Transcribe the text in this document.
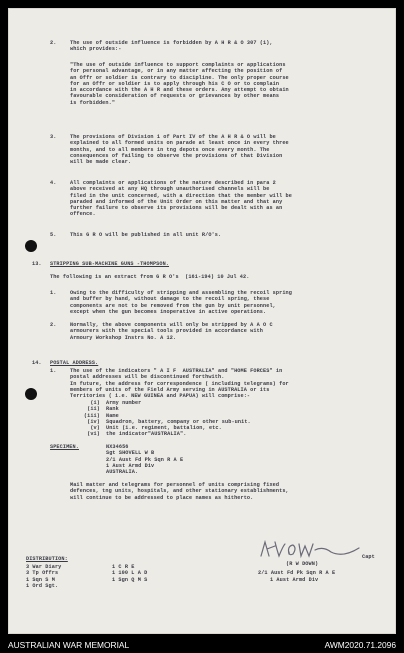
2.	The use of outside influence is forbidden by A H R & O 307 (1),
which provides:-
"The use of outside influence to support complaints or applications
for personal advantage, or in any matter affecting the position of
an Offr or soldier is contrary to discipline. The only proper course
for an Offr or soldier is to apply through his C O or to complain
in accordance with the A H R and these orders. Any attempt to obtain
favourable consideration of requests or grievances by other means
is forbidden."
3.	The provisions of Division 1 of Part IV of the A H R & O will be
explained to all formed units on parade at least once in every three
months, and to all members in tng depots once every month. The
consequences of failing to observe the provisions of that Division
will be made clear.
4.	All complaints or applications of the nature described in para 2
above received at any HQ through unauthorised channels will be
filed in the unit concerned, with a direction that the member will be
paraded and informed of the Unit Order on this matter and that any
further failure to observe its provisions will be dealt with as an
offence.
5.	This G R O will be published in all unit R/O's.
13. STRIPPING SUB-MACHINE GUNS -THOMPSON.
The following is an extract from G R O's  (161-194) 10 Jul 42.
1.	Owing to the difficulty of stripping and assembling the recoil spring
and buffer by hand, without damage to the recoil spring, these
components are not to be removed from the gun by unit personnel,
except when the gun becomes inoperative in active operations.
2.	Normally, the above components will only be stripped by A A O C
armourers with the special tools provided in accordance with
Armoury Workshop Instrs No. A 12.
14. POSTAL ADDRESS.
1.	The use of the indicators " A I F  AUSTRALIA" and "HOME FORCES" in
postal addresses will be discontinued forthwith.
In future, the address for correspondence ( including telegrams) for
members of units of the Field Army serving in AUSTRALIA or its
Territories ( i.e. NEW GUINEA and PAPUA) will comprise:-
(i)
(ii)
(iii)
(iv)
(v)
(vi)
Army number
Rank
Name
Squadron, battery, company or other sub-unit.
Unit (i.e. regiment, battalion, etc.
the indicator"AUSTRALIA".
SPECIMEN.	NX34656
Sgt SHOVELL W B
2/1 Aust Fd Pk Sqn R A E
1 Aust Armd Div
AUSTRALIA.
Mail matter and telegrams for personnel of units comprising fixed
defences, tng units, hospitals, and other stationary establishments,
will continue to be addressed to place names as hitherto.
(R W DOWN)
Capt
2/1 Aust Fd Pk Sqn R A E
1 Aust Armd Div
DISTRIBUTION:
3 War Diary
3 Tp Offrs
1 Sqn S M
1 Ord Sgt.
1 C R E
1 100 L A D
1 Sgn Q M S
AUSTRALIAN WAR MEMORIAL	AWM2020.71.2096
